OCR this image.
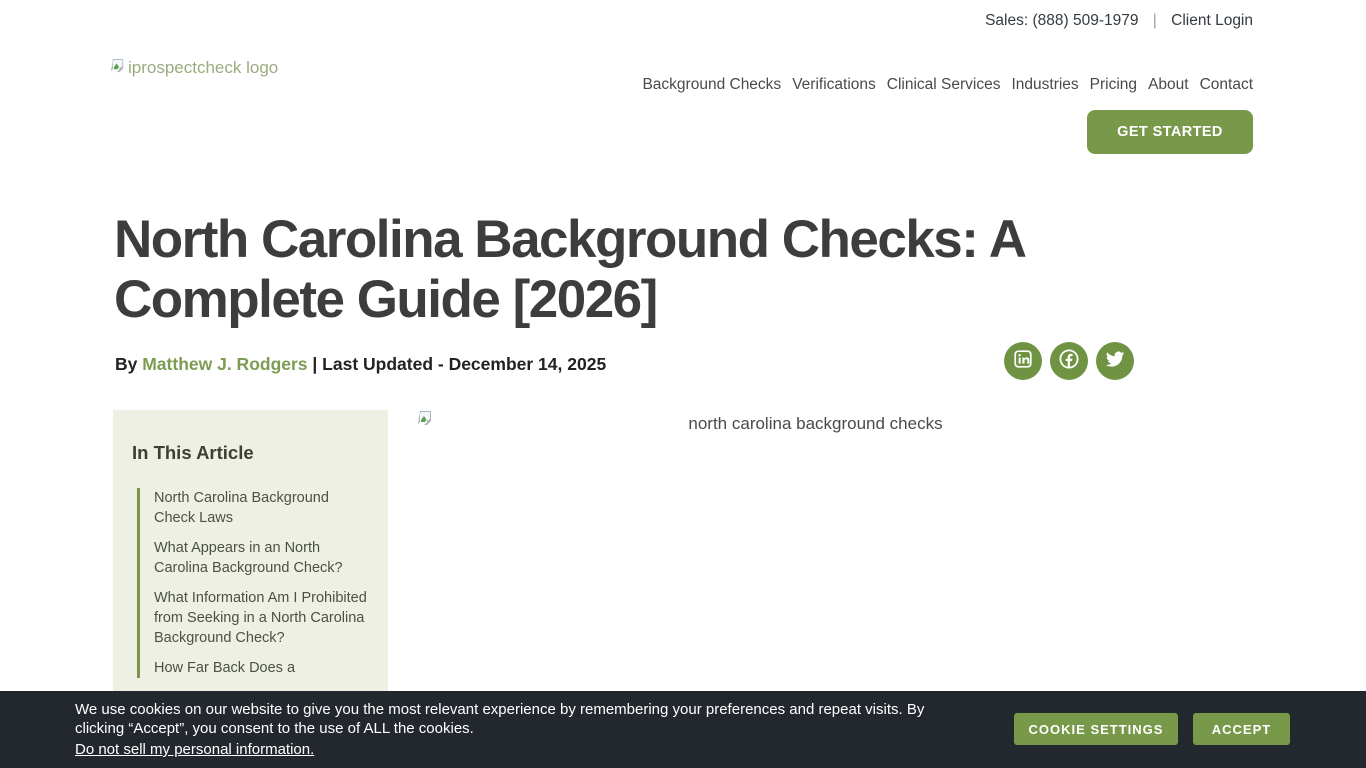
Sales: (888) 509-1979 | Client Login
iprospectcheck logo
Background Checks Verifications Clinical Services Industries Pricing About Contact
GET STARTED
North Carolina Background Checks: A Complete Guide [2026]
By Matthew J. Rodgers | Last Updated - December 14, 2025
In This Article
North Carolina Background Check Laws
What Appears in an North Carolina Background Check?
What Information Am I Prohibited from Seeking in a North Carolina Background Check?
How Far Back Does a
north carolina background checks
We use cookies on our website to give you the most relevant experience by remembering your preferences and repeat visits. By clicking “Accept”, you consent to the use of ALL the cookies.
Do not sell my personal information.
COOKIE SETTINGS	ACCEPT
